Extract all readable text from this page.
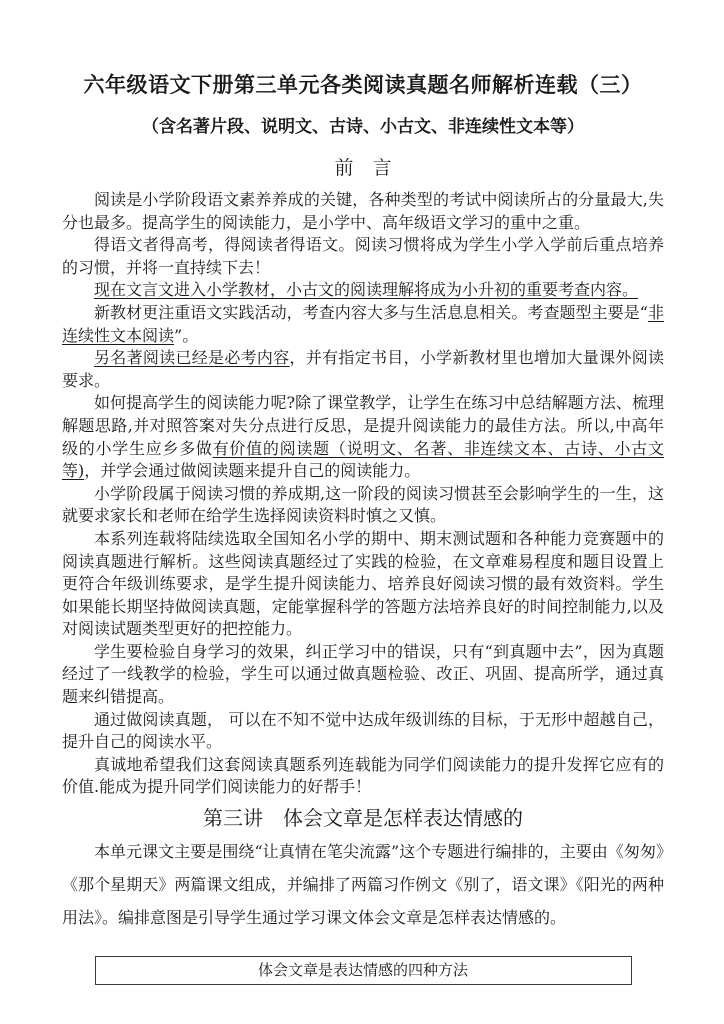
六年级语文下册第三单元各类阅读真题名师解析连载（三）
（含名著片段、说明文、古诗、小古文、非连续性文本等）
前　言

阅读是小学阶段语文素养养成的关键，各种类型的考试中阅读所占的分量最大,失分也最多。提高学生的阅读能力，是小学中、高年级语文学习的重中之重。

得语文者得高考，得阅读者得语文。阅读习惯将成为学生小学入学前后重点培养的习惯，并将一直持续下去！

现在文言文进入小学教材，小古文的阅读理解将成为小升初的重要考查内容。

新教材更注重语文实践活动，考查内容大多与生活息息相关。考查题型主要是“非连续性文本阅读”。

另名著阅读已经是必考内容，并有指定书目，小学新教材里也增加大量课外阅读要求。

如何提高学生的阅读能力呢?除了课堂教学，让学生在练习中总结解题方法、梳理解题思路,并对照答案对失分点进行反思，是提升阅读能力的最佳方法。所以,中高年级的小学生应乡多做有价值的阅读题（说明文、名著、非连续文本、古诗、小古文等)，并学会通过做阅读题来提升自己的阅读能力。

小学阶段属于阅读习惯的养成期,这一阶段的阅读习惯甚至会影响学生的一生，这就要求家长和老师在给学生选择阅读资料时慎之又慎。

本系列连载将陆续选取全国知名小学的期中、期末测试题和各种能力竞赛题中的阅读真题进行解析。这些阅读真题经过了实践的检验，在文章难易程度和题目设置上更符合年级训练要求，是学生提升阅读能力、培养良好阅读习惯的最有效资料。学生如果能长期坚持做阅读真题，定能掌握科学的答题方法培养良好的时间控制能力,以及对阅读试题类型更好的把控能力。

学生要检验自身学习的效果，纠正学习中的错误，只有“到真题中去”，因为真题经过了一线教学的检验，学生可以通过做真题检验、改正、巩固、提高所学，通过真题来纠错提高。

通过做阅读真题， 可以在不知不觉中达成年级训练的目标，于无形中超越自己，提升自己的阅读水平。

真诚地希望我们这套阅读真题系列连载能为同学们阅读能力的提升发挥它应有的价值.能成为提升同学们阅读能力的好帮手！

第三讲　体会文章是怎样表达情感的

本单元课文主要是围绕“让真情在笔尖流露”这个专题进行编排的，主要由《匆匆》《那个星期天》两篇课文组成，并编排了两篇习作例文《别了，语文课》《阳光的两种用法》。编排意图是引导学生通过学习课文体会文章是怎样表达情感的。

体会文章是表达情感的四种方法
